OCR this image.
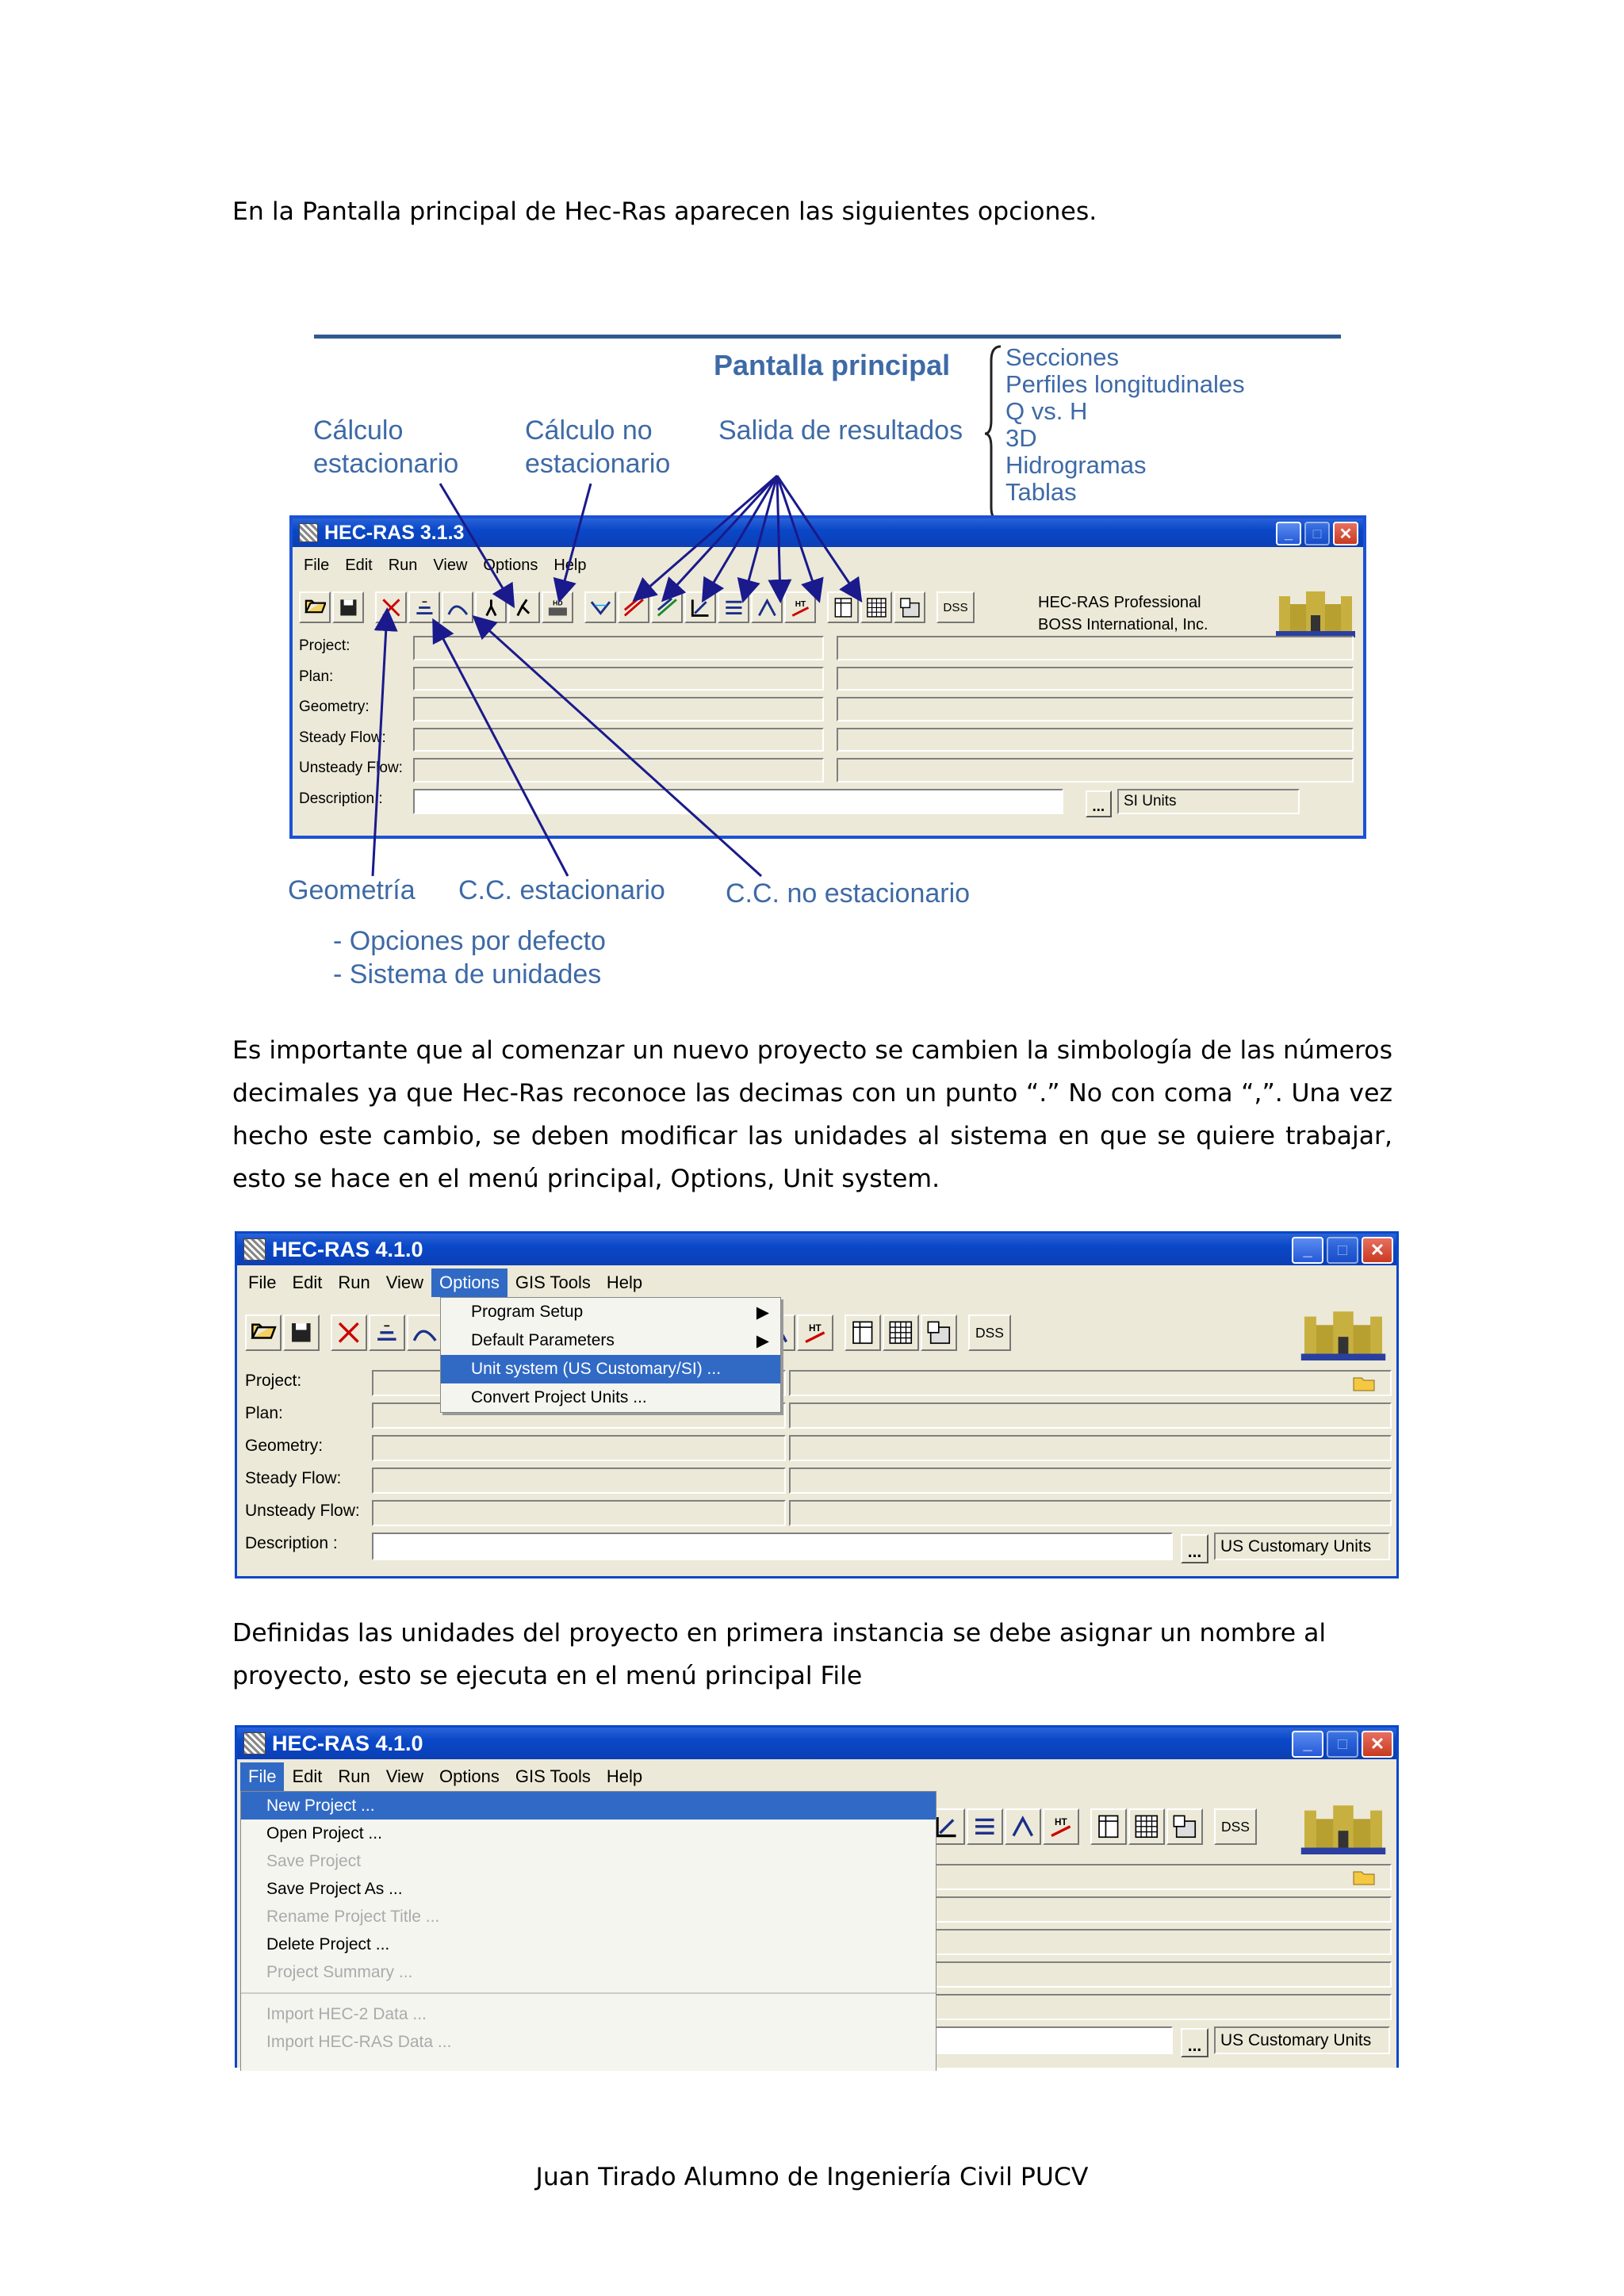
En la Pantalla principal de Hec-Ras aparecen las siguientes opciones.
Pantalla principal Secciones
Perfiles longitudinales
Q vs. H
3D
Hidrogramas
Tablas
Cálculo
estacionario
Cálculo no
estacionario
Salida de resultados
HEC-RAS 3.1.3	_	□	✕
File	Edit	Run	View	Options	Help
HD	HT	DSS	HEC-RAS Professional
BOSS International, Inc.
Project:
Plan:
Geometry:
Steady Flow:
Unsteady Flow:
Description :	...	SI Units
Geometría C.C. estacionario C.C. no estacionario
- Opciones por defecto
- Sistema de unidades
Es importante que al comenzar un nuevo proyecto se cambien la simbología de las números decimales ya que Hec-Ras reconoce las decimas con un punto “.” No con coma “,”. Una vez hecho este cambio, se deben modificar las unidades al sistema en que se quiere trabajar, esto se hace en el menú principal, Options, Unit system.
HEC-RAS 4.1.0	_	□	✕
File Edit Run View Options GIS Tools Help
HT	DSS
Project:
Plan:
Geometry:
Steady Flow:
Unsteady Flow:
Description :	...	US Customary Units
Program Setup	▶
Default Parameters	▶
Unit system (US Customary/SI) ...
Convert Project Units ...
Definidas las unidades del proyecto en primera instancia se debe asignar un nombre al proyecto, esto se ejecuta en el menú principal File
HEC-RAS 4.1.0	_	□	✕
File Edit Run View Options GIS Tools Help
HT	DSS
...	US Customary Units
New Project ...
Open Project ...
Save Project
Save Project As ...
Rename Project Title ...
Delete Project ...
Project Summary ...
Import HEC-2 Data ...
Import HEC-RAS Data ...
Juan Tirado Alumno de Ingeniería Civil PUCV
